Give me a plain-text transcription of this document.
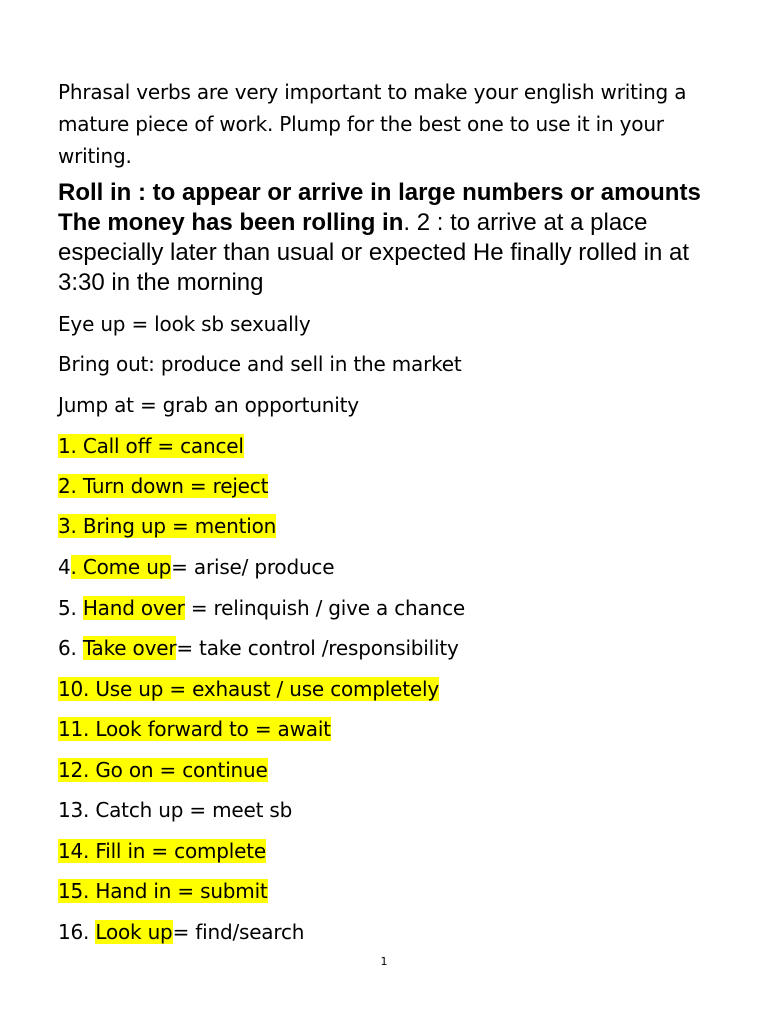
Phrasal verbs are very important to make your english writing a mature piece of work. Plump for the best one to use it in your writing.
Roll in : to appear or arrive in large numbers or amounts The money has been rolling in. 2 : to arrive at a place especially later than usual or expected He finally rolled in at 3:30 in the morning
Eye up = look sb sexually
Bring out: produce and sell in the market
Jump at = grab an opportunity
1. Call off = cancel
2. Turn down = reject
3. Bring up = mention
4. Come up= arise/ produce
5. Hand over = relinquish / give a chance
6. Take over= take control /responsibility
10. Use up = exhaust / use completely
11. Look forward to = await
12. Go on = continue
13. Catch up = meet sb
14. Fill in = complete
15. Hand in = submit
16. Look up= find/search
1
